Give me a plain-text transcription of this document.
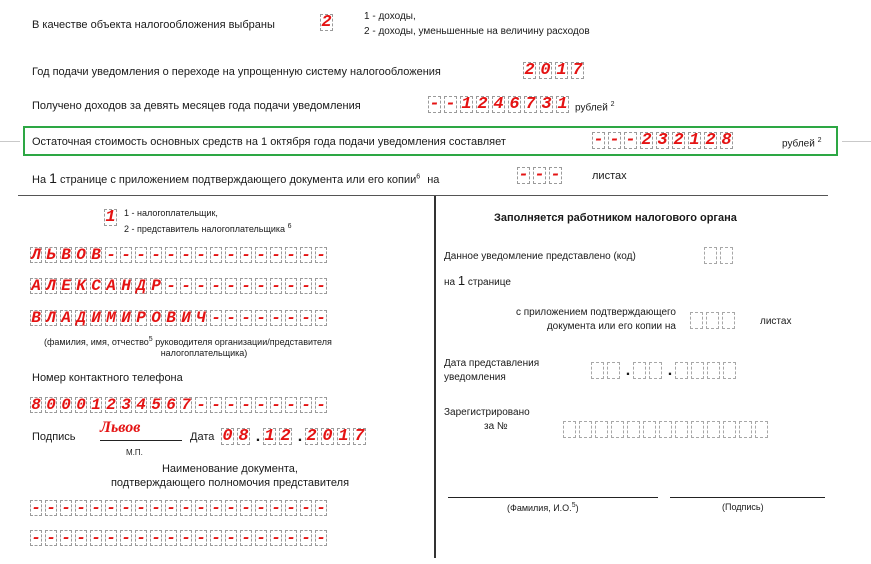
В качестве объекта налогообложения выбраны	2	1 - доходы,
2 - доходы, уменьшенные на величину расходов
Год подачи уведомления о переходе на упрощенную систему налогообложения	2 0 1 7
Получено доходов за девять месяцев года подачи уведомления	- - 1 2 4 6 7 3 1 рублей $^2$
Остаточная стоимость основных средств на 1 октября года подачи уведомления составляет	- - - 2 3 2 1 2 8	рублей $^2$
На 1 странице с приложением подтверждающего документа или его копии$^6$ на	- - -	листах
1 1 - налогоплательщик,
2 - представитель налогоплательщика $^6$
Л Ь В О В - - - - - - - - - - - - - - -
А Л Е К С А Н Д Р - - - - - - - - - - -
В Л А Д И М И Р О В И Ч - - - - - - - -
(фамилия, имя, отчество$^5$ руководителя организации/представителя
налогоплательщика)
Номер контактного телефона
8 0 0 0 1 2 3 4 5 6 7 - - - - - - - - -
Подпись
Львов
М.П.
Дата 0 8 . 1 2 . 2 0 1 7
Наименование документа,
подтверждающего полномочия представителя
- - - - - - - - - - - - - - - - - - - -
- - - - - - - - - - - - - - - - - - - -
Заполняется работником налогового органа
Данное уведомление представлено (код)
на 1 странице
с приложением подтверждающего
документа или его копии на	листах
Дата представления
уведомления	. .
Зарегистрировано
за №
(Фамилия, И.О.$^5$)	(Подпись)
